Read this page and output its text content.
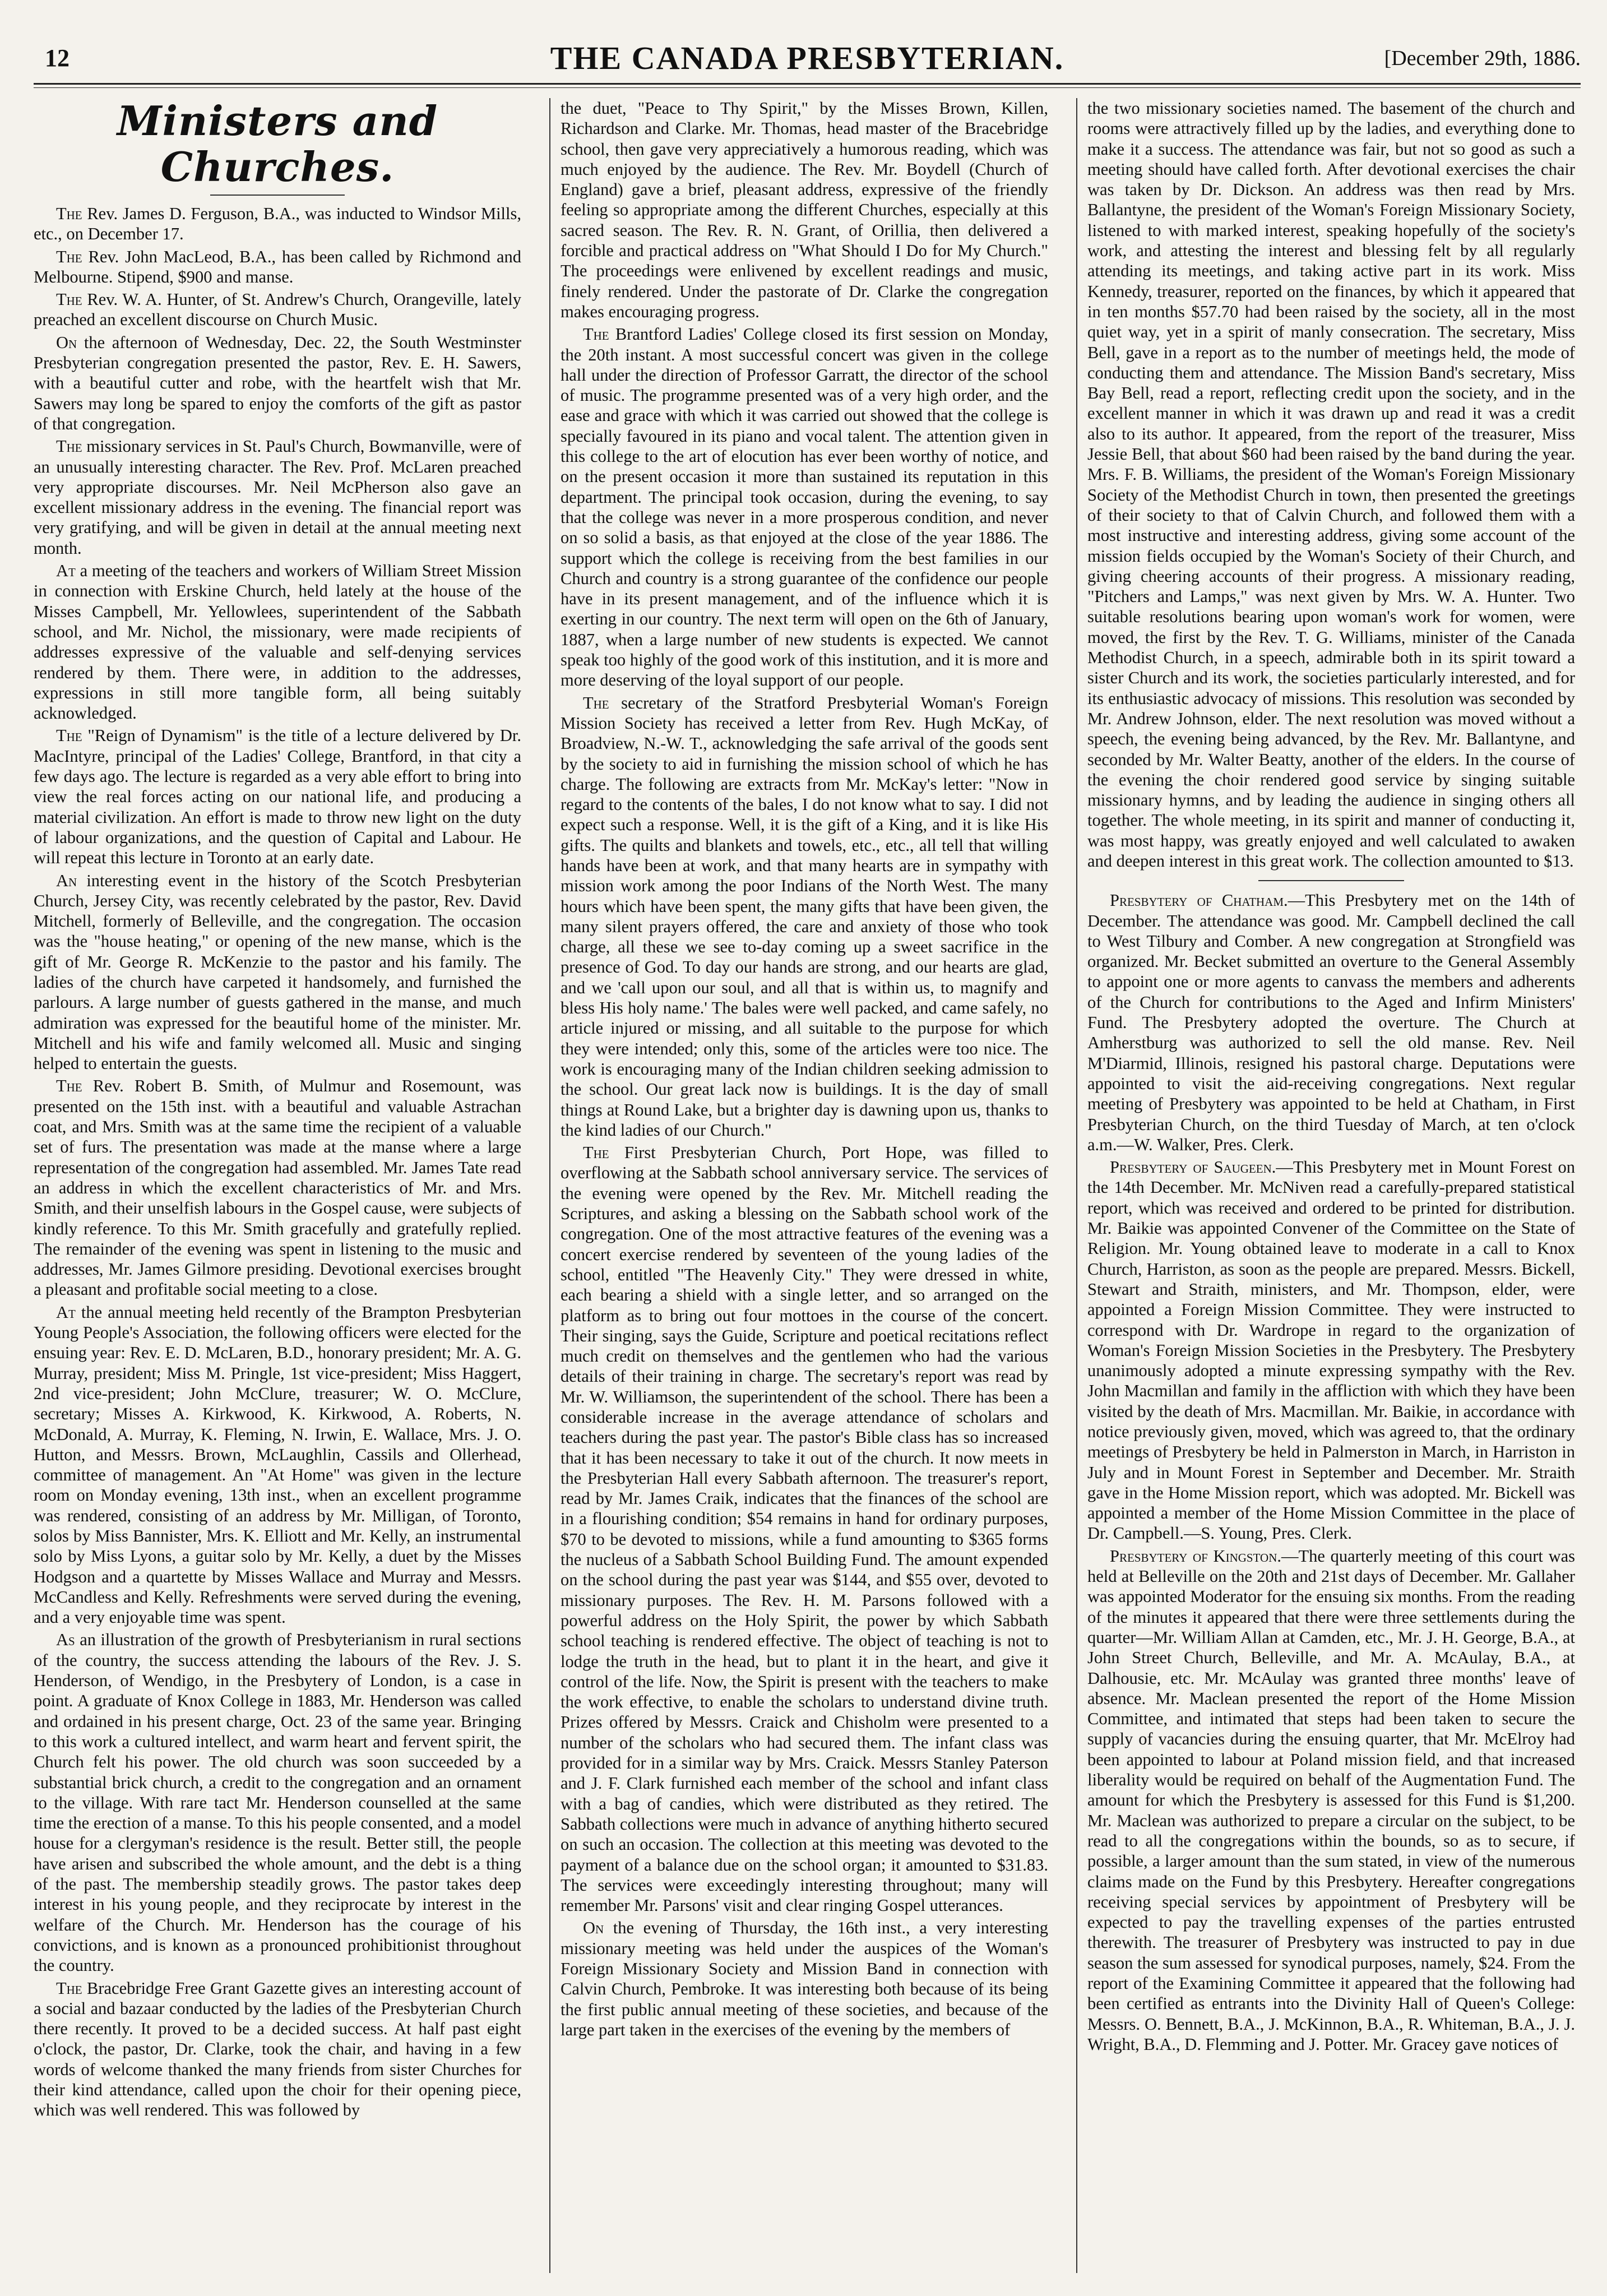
12	THE CANADA PRESBYTERIAN.	[December 29th, 1886.
Ministers and Churches.

The Rev. James D. Ferguson, B.A., was inducted to Windsor Mills, etc., on December 17.

The Rev. John MacLeod, B.A., has been called by Richmond and Melbourne. Stipend, $900 and manse.

The Rev. W. A. Hunter, of St. Andrew's Church, Orangeville, lately preached an excellent discourse on Church Music.

On the afternoon of Wednesday, Dec. 22, the South Westminster Presbyterian congregation presented the pastor, Rev. E. H. Sawers, with a beautiful cutter and robe, with the heartfelt wish that Mr. Sawers may long be spared to enjoy the comforts of the gift as pastor of that congregation.

The missionary services in St. Paul's Church, Bowmanville, were of an unusually interesting character. The Rev. Prof. McLaren preached very appropriate discourses. Mr. Neil McPherson also gave an excellent missionary address in the evening. The financial report was very gratifying, and will be given in detail at the annual meeting next month.

At a meeting of the teachers and workers of William Street Mission in connection with Erskine Church, held lately at the house of the Misses Campbell, Mr. Yellowlees, superintendent of the Sabbath school, and Mr. Nichol, the missionary, were made recipients of addresses expressive of the valuable and self-denying services rendered by them. There were, in addition to the addresses, expressions in still more tangible form, all being suitably acknowledged.

The "Reign of Dynamism" is the title of a lecture delivered by Dr. MacIntyre, principal of the Ladies' College, Brantford, in that city a few days ago. The lecture is regarded as a very able effort to bring into view the real forces acting on our national life, and producing a material civilization. An effort is made to throw new light on the duty of labour organizations, and the question of Capital and Labour. He will repeat this lecture in Toronto at an early date.

An interesting event in the history of the Scotch Presbyterian Church, Jersey City, was recently celebrated by the pastor, Rev. David Mitchell, formerly of Belleville, and the congregation. The occasion was the "house heating," or opening of the new manse, which is the gift of Mr. George R. McKenzie to the pastor and his family. The ladies of the church have carpeted it handsomely, and furnished the parlours. A large number of guests gathered in the manse, and much admiration was expressed for the beautiful home of the minister. Mr. Mitchell and his wife and family welcomed all. Music and singing helped to entertain the guests.

The Rev. Robert B. Smith, of Mulmur and Rosemount, was presented on the 15th inst. with a beautiful and valuable Astrachan coat, and Mrs. Smith was at the same time the recipient of a valuable set of furs. The presentation was made at the manse where a large representation of the congregation had assembled. Mr. James Tate read an address in which the excellent characteristics of Mr. and Mrs. Smith, and their unselfish labours in the Gospel cause, were subjects of kindly reference. To this Mr. Smith gracefully and gratefully replied. The remainder of the evening was spent in listening to the music and addresses, Mr. James Gilmore presiding. Devotional exercises brought a pleasant and profitable social meeting to a close.

At the annual meeting held recently of the Brampton Presbyterian Young People's Association, the following officers were elected for the ensuing year: Rev. E. D. McLaren, B.D., honorary president; Mr. A. G. Murray, president; Miss M. Pringle, 1st vice-president; Miss Haggert, 2nd vice-president; John McClure, treasurer; W. O. McClure, secretary; Misses A. Kirkwood, K. Kirkwood, A. Roberts, N. McDonald, A. Murray, K. Fleming, N. Irwin, E. Wallace, Mrs. J. O. Hutton, and Messrs. Brown, McLaughlin, Cassils and Ollerhead, committee of management. An "At Home" was given in the lecture room on Monday evening, 13th inst., when an excellent programme was rendered, consisting of an address by Mr. Milligan, of Toronto, solos by Miss Bannister, Mrs. K. Elliott and Mr. Kelly, an instrumental solo by Miss Lyons, a guitar solo by Mr. Kelly, a duet by the Misses Hodgson and a quartette by Misses Wallace and Murray and Messrs. McCandless and Kelly. Refreshments were served during the evening, and a very enjoyable time was spent.

As an illustration of the growth of Presbyterianism in rural sections of the country, the success attending the labours of the Rev. J. S. Henderson, of Wendigo, in the Presbytery of London, is a case in point. A graduate of Knox College in 1883, Mr. Henderson was called and ordained in his present charge, Oct. 23 of the same year. Bringing to this work a cultured intellect, and warm heart and fervent spirit, the Church felt his power. The old church was soon succeeded by a substantial brick church, a credit to the congregation and an ornament to the village. With rare tact Mr. Henderson counselled at the same time the erection of a manse. To this his people consented, and a model house for a clergyman's residence is the result. Better still, the people have arisen and subscribed the whole amount, and the debt is a thing of the past. The membership steadily grows. The pastor takes deep interest in his young people, and they reciprocate by interest in the welfare of the Church. Mr. Henderson has the courage of his convictions, and is known as a pronounced prohibitionist throughout the country.

The Bracebridge Free Grant Gazette gives an interesting account of a social and bazaar conducted by the ladies of the Presbyterian Church there recently. It proved to be a decided success. At half past eight o'clock, the pastor, Dr. Clarke, took the chair, and having in a few words of welcome thanked the many friends from sister Churches for their kind attendance, called upon the choir for their opening piece, which was well rendered. This was followed by

the duet, "Peace to Thy Spirit," by the Misses Brown, Killen, Richardson and Clarke. Mr. Thomas, head master of the Bracebridge school, then gave very appreciatively a humorous reading, which was much enjoyed by the audience. The Rev. Mr. Boydell (Church of England) gave a brief, pleasant address, expressive of the friendly feeling so appropriate among the different Churches, especially at this sacred season. The Rev. R. N. Grant, of Orillia, then delivered a forcible and practical address on "What Should I Do for My Church." The proceedings were enlivened by excellent readings and music, finely rendered. Under the pastorate of Dr. Clarke the congregation makes encouraging progress.

The Brantford Ladies' College closed its first session on Monday, the 20th instant. A most successful concert was given in the college hall under the direction of Professor Garratt, the director of the school of music. The programme presented was of a very high order, and the ease and grace with which it was carried out showed that the college is specially favoured in its piano and vocal talent. The attention given in this college to the art of elocution has ever been worthy of notice, and on the present occasion it more than sustained its reputation in this department. The principal took occasion, during the evening, to say that the college was never in a more prosperous condition, and never on so solid a basis, as that enjoyed at the close of the year 1886. The support which the college is receiving from the best families in our Church and country is a strong guarantee of the confidence our people have in its present management, and of the influence which it is exerting in our country. The next term will open on the 6th of January, 1887, when a large number of new students is expected. We cannot speak too highly of the good work of this institution, and it is more and more deserving of the loyal support of our people.

The secretary of the Stratford Presbyterial Woman's Foreign Mission Society has received a letter from Rev. Hugh McKay, of Broadview, N.-W. T., acknowledging the safe arrival of the goods sent by the society to aid in furnishing the mission school of which he has charge. The following are extracts from Mr. McKay's letter: "Now in regard to the contents of the bales, I do not know what to say. I did not expect such a response. Well, it is the gift of a King, and it is like His gifts. The quilts and blankets and towels, etc., etc., all tell that willing hands have been at work, and that many hearts are in sympathy with mission work among the poor Indians of the North West. The many hours which have been spent, the many gifts that have been given, the many silent prayers offered, the care and anxiety of those who took charge, all these we see to-day coming up a sweet sacrifice in the presence of God. To day our hands are strong, and our hearts are glad, and we 'call upon our soul, and all that is within us, to magnify and bless His holy name.' The bales were well packed, and came safely, no article injured or missing, and all suitable to the purpose for which they were intended; only this, some of the articles were too nice. The work is encouraging many of the Indian children seeking admission to the school. Our great lack now is buildings. It is the day of small things at Round Lake, but a brighter day is dawning upon us, thanks to the kind ladies of our Church."

The First Presbyterian Church, Port Hope, was filled to overflowing at the Sabbath school anniversary service. The services of the evening were opened by the Rev. Mr. Mitchell reading the Scriptures, and asking a blessing on the Sabbath school work of the congregation. One of the most attractive features of the evening was a concert exercise rendered by seventeen of the young ladies of the school, entitled "The Heavenly City." They were dressed in white, each bearing a shield with a single letter, and so arranged on the platform as to bring out four mottoes in the course of the concert. Their singing, says the Guide, Scripture and poetical recitations reflect much credit on themselves and the gentlemen who had the various details of their training in charge. The secretary's report was read by Mr. W. Williamson, the superintendent of the school. There has been a considerable increase in the average attendance of scholars and teachers during the past year. The pastor's Bible class has so increased that it has been necessary to take it out of the church. It now meets in the Presbyterian Hall every Sabbath afternoon. The treasurer's report, read by Mr. James Craik, indicates that the finances of the school are in a flourishing condition; $54 remains in hand for ordinary purposes, $70 to be devoted to missions, while a fund amounting to $365 forms the nucleus of a Sabbath School Building Fund. The amount expended on the school during the past year was $144, and $55 over, devoted to missionary purposes. The Rev. H. M. Parsons followed with a powerful address on the Holy Spirit, the power by which Sabbath school teaching is rendered effective. The object of teaching is not to lodge the truth in the head, but to plant it in the heart, and give it control of the life. Now, the Spirit is present with the teachers to make the work effective, to enable the scholars to understand divine truth. Prizes offered by Messrs. Craick and Chisholm were presented to a number of the scholars who had secured them. The infant class was provided for in a similar way by Mrs. Craick. Messrs Stanley Paterson and J. F. Clark furnished each member of the school and infant class with a bag of candies, which were distributed as they retired. The Sabbath collections were much in advance of anything hitherto secured on such an occasion. The collection at this meeting was devoted to the payment of a balance due on the school organ; it amounted to $31.83. The services were exceedingly interesting throughout; many will remember Mr. Parsons' visit and clear ringing Gospel utterances.

On the evening of Thursday, the 16th inst., a very interesting missionary meeting was held under the auspices of the Woman's Foreign Missionary Society and Mission Band in connection with Calvin Church, Pembroke. It was interesting both because of its being the first public annual meeting of these societies, and because of the large part taken in the exercises of the evening by the members of

the two missionary societies named. The basement of the church and rooms were attractively filled up by the ladies, and everything done to make it a success. The attendance was fair, but not so good as such a meeting should have called forth. After devotional exercises the chair was taken by Dr. Dickson. An address was then read by Mrs. Ballantyne, the president of the Woman's Foreign Missionary Society, listened to with marked interest, speaking hopefully of the society's work, and attesting the interest and blessing felt by all regularly attending its meetings, and taking active part in its work. Miss Kennedy, treasurer, reported on the finances, by which it appeared that in ten months $57.70 had been raised by the society, all in the most quiet way, yet in a spirit of manly consecration. The secretary, Miss Bell, gave in a report as to the number of meetings held, the mode of conducting them and attendance. The Mission Band's secretary, Miss Bay Bell, read a report, reflecting credit upon the society, and in the excellent manner in which it was drawn up and read it was a credit also to its author. It appeared, from the report of the treasurer, Miss Jessie Bell, that about $60 had been raised by the band during the year. Mrs. F. B. Williams, the president of the Woman's Foreign Missionary Society of the Methodist Church in town, then presented the greetings of their society to that of Calvin Church, and followed them with a most instructive and interesting address, giving some account of the mission fields occupied by the Woman's Society of their Church, and giving cheering accounts of their progress. A missionary reading, "Pitchers and Lamps," was next given by Mrs. W. A. Hunter. Two suitable resolutions bearing upon woman's work for women, were moved, the first by the Rev. T. G. Williams, minister of the Canada Methodist Church, in a speech, admirable both in its spirit toward a sister Church and its work, the societies particularly interested, and for its enthusiastic advocacy of missions. This resolution was seconded by Mr. Andrew Johnson, elder. The next resolution was moved without a speech, the evening being advanced, by the Rev. Mr. Ballantyne, and seconded by Mr. Walter Beatty, another of the elders. In the course of the evening the choir rendered good service by singing suitable missionary hymns, and by leading the audience in singing others all together. The whole meeting, in its spirit and manner of conducting it, was most happy, was greatly enjoyed and well calculated to awaken and deepen interest in this great work. The collection amounted to $13.

Presbytery of Chatham.—This Presbytery met on the 14th of December. The attendance was good. Mr. Campbell declined the call to West Tilbury and Comber. A new congregation at Strongfield was organized. Mr. Becket submitted an overture to the General Assembly to appoint one or more agents to canvass the members and adherents of the Church for contributions to the Aged and Infirm Ministers' Fund. The Presbytery adopted the overture. The Church at Amherstburg was authorized to sell the old manse. Rev. Neil M'Diarmid, Illinois, resigned his pastoral charge. Deputations were appointed to visit the aid-receiving congregations. Next regular meeting of Presbytery was appointed to be held at Chatham, in First Presbyterian Church, on the third Tuesday of March, at ten o'clock a.m.—W. Walker, Pres. Clerk.

Presbytery of Saugeen.—This Presbytery met in Mount Forest on the 14th December. Mr. McNiven read a carefully-prepared statistical report, which was received and ordered to be printed for distribution. Mr. Baikie was appointed Convener of the Committee on the State of Religion. Mr. Young obtained leave to moderate in a call to Knox Church, Harriston, as soon as the people are prepared. Messrs. Bickell, Stewart and Straith, ministers, and Mr. Thompson, elder, were appointed a Foreign Mission Committee. They were instructed to correspond with Dr. Wardrope in regard to the organization of Woman's Foreign Mission Societies in the Presbytery. The Presbytery unanimously adopted a minute expressing sympathy with the Rev. John Macmillan and family in the affliction with which they have been visited by the death of Mrs. Macmillan. Mr. Baikie, in accordance with notice previously given, moved, which was agreed to, that the ordinary meetings of Presbytery be held in Palmerston in March, in Harriston in July and in Mount Forest in September and December. Mr. Straith gave in the Home Mission report, which was adopted. Mr. Bickell was appointed a member of the Home Mission Committee in the place of Dr. Campbell.—S. Young, Pres. Clerk.

Presbytery of Kingston.—The quarterly meeting of this court was held at Belleville on the 20th and 21st days of December. Mr. Gallaher was appointed Moderator for the ensuing six months. From the reading of the minutes it appeared that there were three settlements during the quarter—Mr. William Allan at Camden, etc., Mr. J. H. George, B.A., at John Street Church, Belleville, and Mr. A. McAulay, B.A., at Dalhousie, etc. Mr. McAulay was granted three months' leave of absence. Mr. Maclean presented the report of the Home Mission Committee, and intimated that steps had been taken to secure the supply of vacancies during the ensuing quarter, that Mr. McElroy had been appointed to labour at Poland mission field, and that increased liberality would be required on behalf of the Augmentation Fund. The amount for which the Presbytery is assessed for this Fund is $1,200. Mr. Maclean was authorized to prepare a circular on the subject, to be read to all the congregations within the bounds, so as to secure, if possible, a larger amount than the sum stated, in view of the numerous claims made on the Fund by this Presbytery. Hereafter congregations receiving special services by appointment of Presbytery will be expected to pay the travelling expenses of the parties entrusted therewith. The treasurer of Presbytery was instructed to pay in due season the sum assessed for synodical purposes, namely, $24. From the report of the Examining Committee it appeared that the following had been certified as entrants into the Divinity Hall of Queen's College: Messrs. O. Bennett, B.A., J. McKinnon, B.A., R. Whiteman, B.A., J. J. Wright, B.A., D. Flemming and J. Potter. Mr. Gracey gave notices of
